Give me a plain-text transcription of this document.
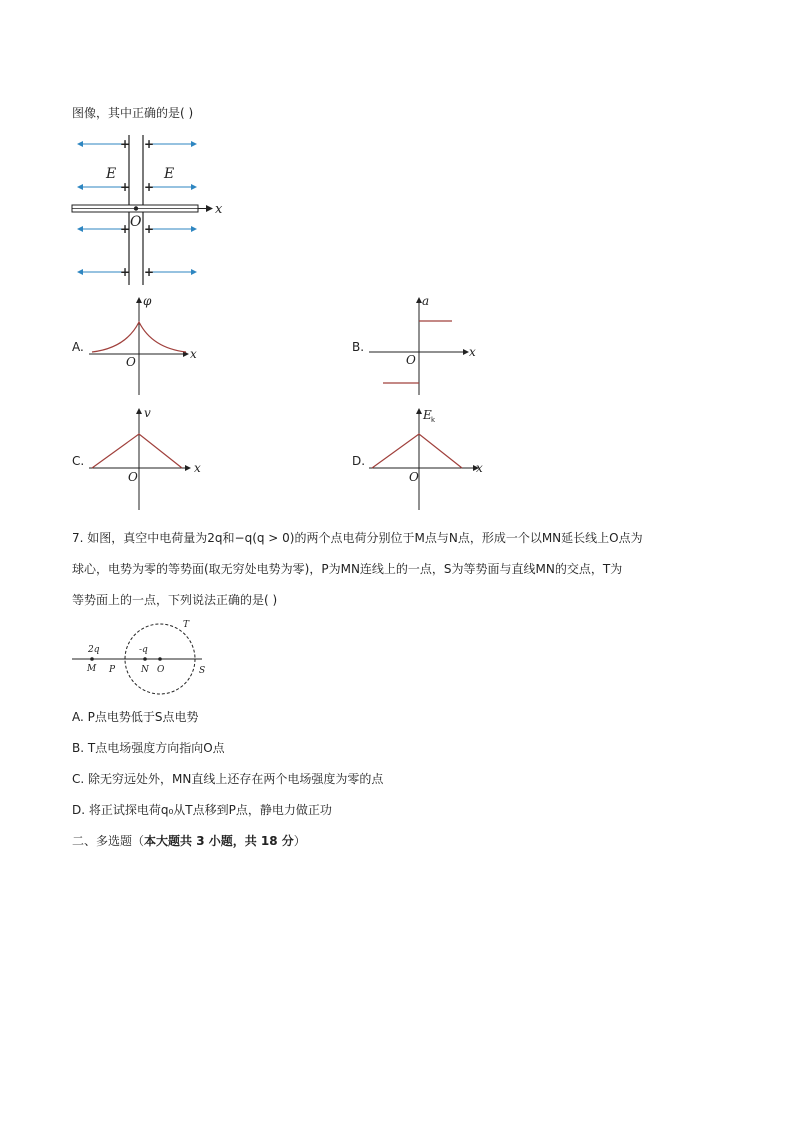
图像，其中正确的是( )
+ +
+ +
+ +
+ +
x
O
E	E
A.
φ
x
O
B.
a
x
O
C.
v
x
O
D.
E k
x
O
7. 如图，真空中电荷量为2q和−q(q > 0)的两个点电荷分别位于M点与N点，形成一个以MN延长线上O点为
球心，电势为零的等势面(取无穷处电势为零)，P为MN连线上的一点，S为等势面与直线MN的交点，T为
等势面上的一点，下列说法正确的是( )
2q	-q
M P	N O	S
T
A. P点电势低于S点电势
B. T点电场强度方向指向O点
C. 除无穷远处外，MN直线上还存在两个电场强度为零的点
D. 将正试探电荷q₀从T点移到P点，静电力做正功
二、多选题（本大题共 3 小题，共 18 分）
